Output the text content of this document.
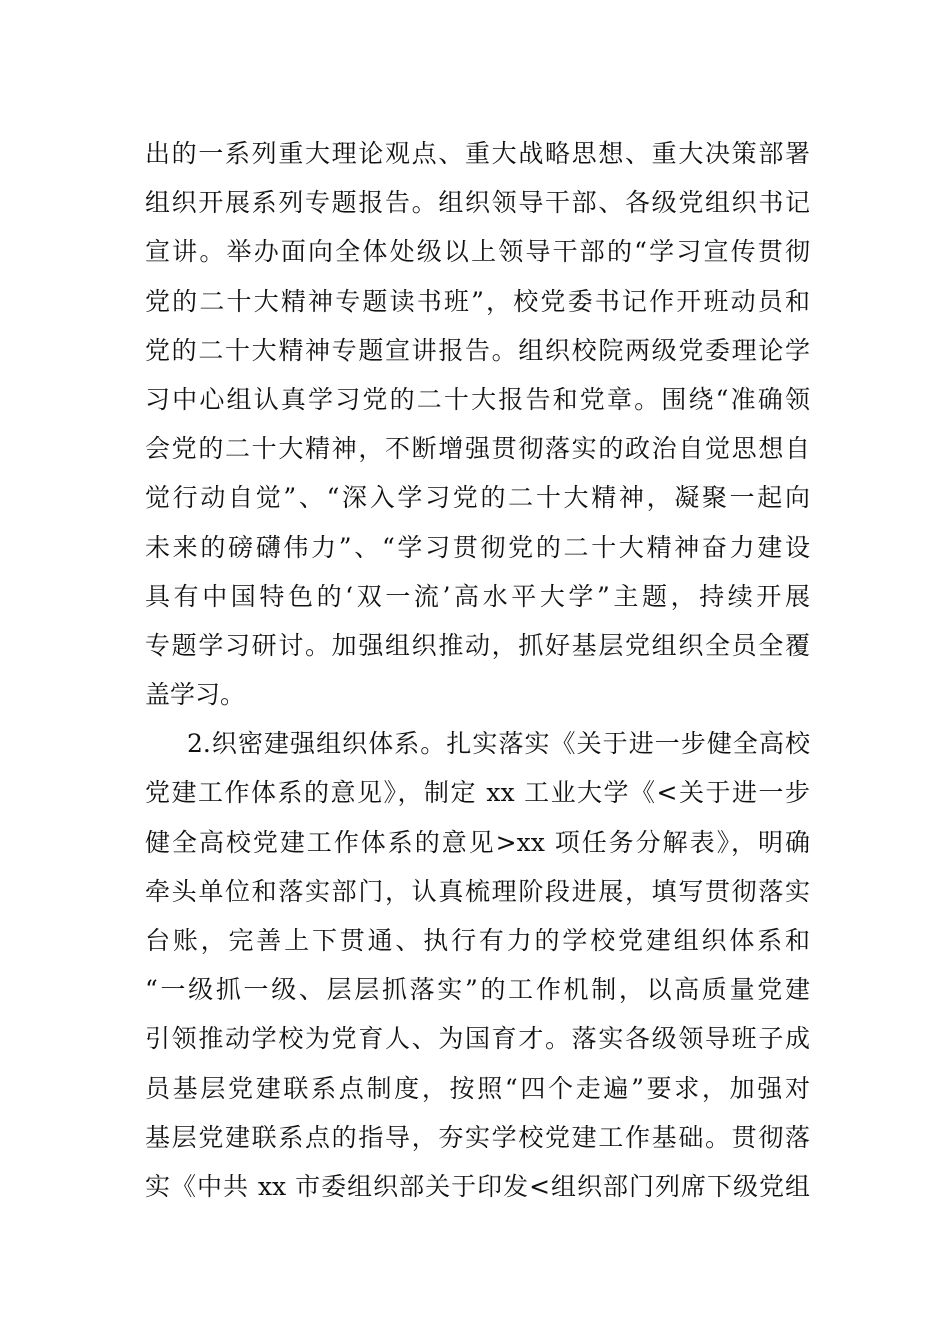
出的一系列重大理论观点、重大战略思想、重大决策部署
组织开展系列专题报告。组织领导干部、各级党组织书记
宣讲。举办面向全体处级以上领导干部的“学习宣传贯彻
党的二十大精神专题读书班”，校党委书记作开班动员和
党的二十大精神专题宣讲报告。组织校院两级党委理论学
习中心组认真学习党的二十大报告和党章。围绕“准确领
会党的二十大精神，不断增强贯彻落实的政治自觉思想自
觉行动自觉”、“深入学习党的二十大精神，凝聚一起向
未来的磅礴伟力”、“学习贯彻党的二十大精神奋力建设
具有中国特色的‘双一流’高水平大学”主题，持续开展
专题学习研讨。加强组织推动，抓好基层党组织全员全覆
盖学习。
2.织密建强组织体系。扎实落实《关于进一步健全高校
党建工作体系的意见》，制定 xx 工业大学《<关于进一步
健全高校党建工作体系的意见>xx 项任务分解表》，明确
牵头单位和落实部门，认真梳理阶段进展，填写贯彻落实
台账，完善上下贯通、执行有力的学校党建组织体系和
“一级抓一级、层层抓落实”的工作机制，以高质量党建
引领推动学校为党育人、为国育才。落实各级领导班子成
员基层党建联系点制度，按照“四个走遍”要求，加强对
基层党建联系点的指导，夯实学校党建工作基础。贯彻落
实《中共 xx 市委组织部关于印发<组织部门列席下级党组
